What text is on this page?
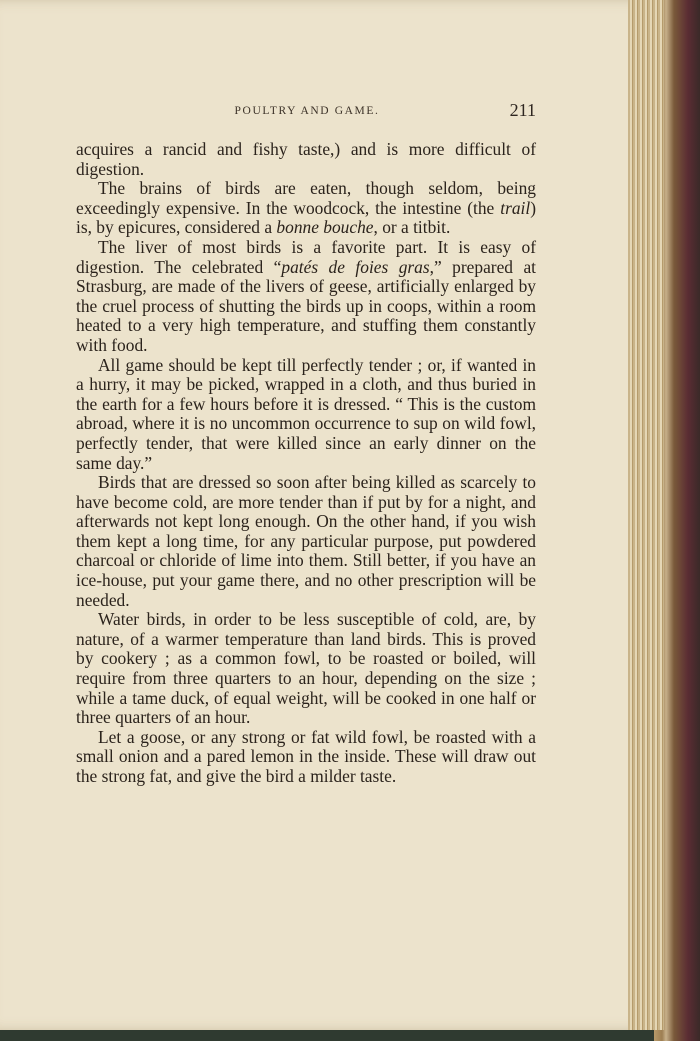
POULTRY AND GAME.	211

acquires a rancid and fishy taste,) and is more difficult of digestion.

The brains of birds are eaten, though seldom, being exceedingly expensive. In the woodcock, the intestine (the trail) is, by epicures, considered a bonne bouche, or a titbit.

The liver of most birds is a favorite part. It is easy of digestion. The celebrated “patés de foies gras,” prepared at Strasburg, are made of the livers of geese, artificially enlarged by the cruel process of shutting the birds up in coops, within a room heated to a very high temperature, and stuffing them constantly with food.

All game should be kept till perfectly tender ; or, if wanted in a hurry, it may be picked, wrapped in a cloth, and thus buried in the earth for a few hours before it is dressed. “ This is the custom abroad, where it is no uncommon occurrence to sup on wild fowl, perfectly tender, that were killed since an early dinner on the same day.”

Birds that are dressed so soon after being killed as scarcely to have become cold, are more tender than if put by for a night, and afterwards not kept long enough. On the other hand, if you wish them kept a long time, for any particular purpose, put powdered charcoal or chloride of lime into them. Still better, if you have an ice-house, put your game there, and no other prescription will be needed.

Water birds, in order to be less susceptible of cold, are, by nature, of a warmer temperature than land birds. This is proved by cookery ; as a common fowl, to be roasted or boiled, will require from three quarters to an hour, depending on the size ; while a tame duck, of equal weight, will be cooked in one half or three quarters of an hour.

Let a goose, or any strong or fat wild fowl, be roasted with a small onion and a pared lemon in the inside. These will draw out the strong fat, and give the bird a milder taste.
